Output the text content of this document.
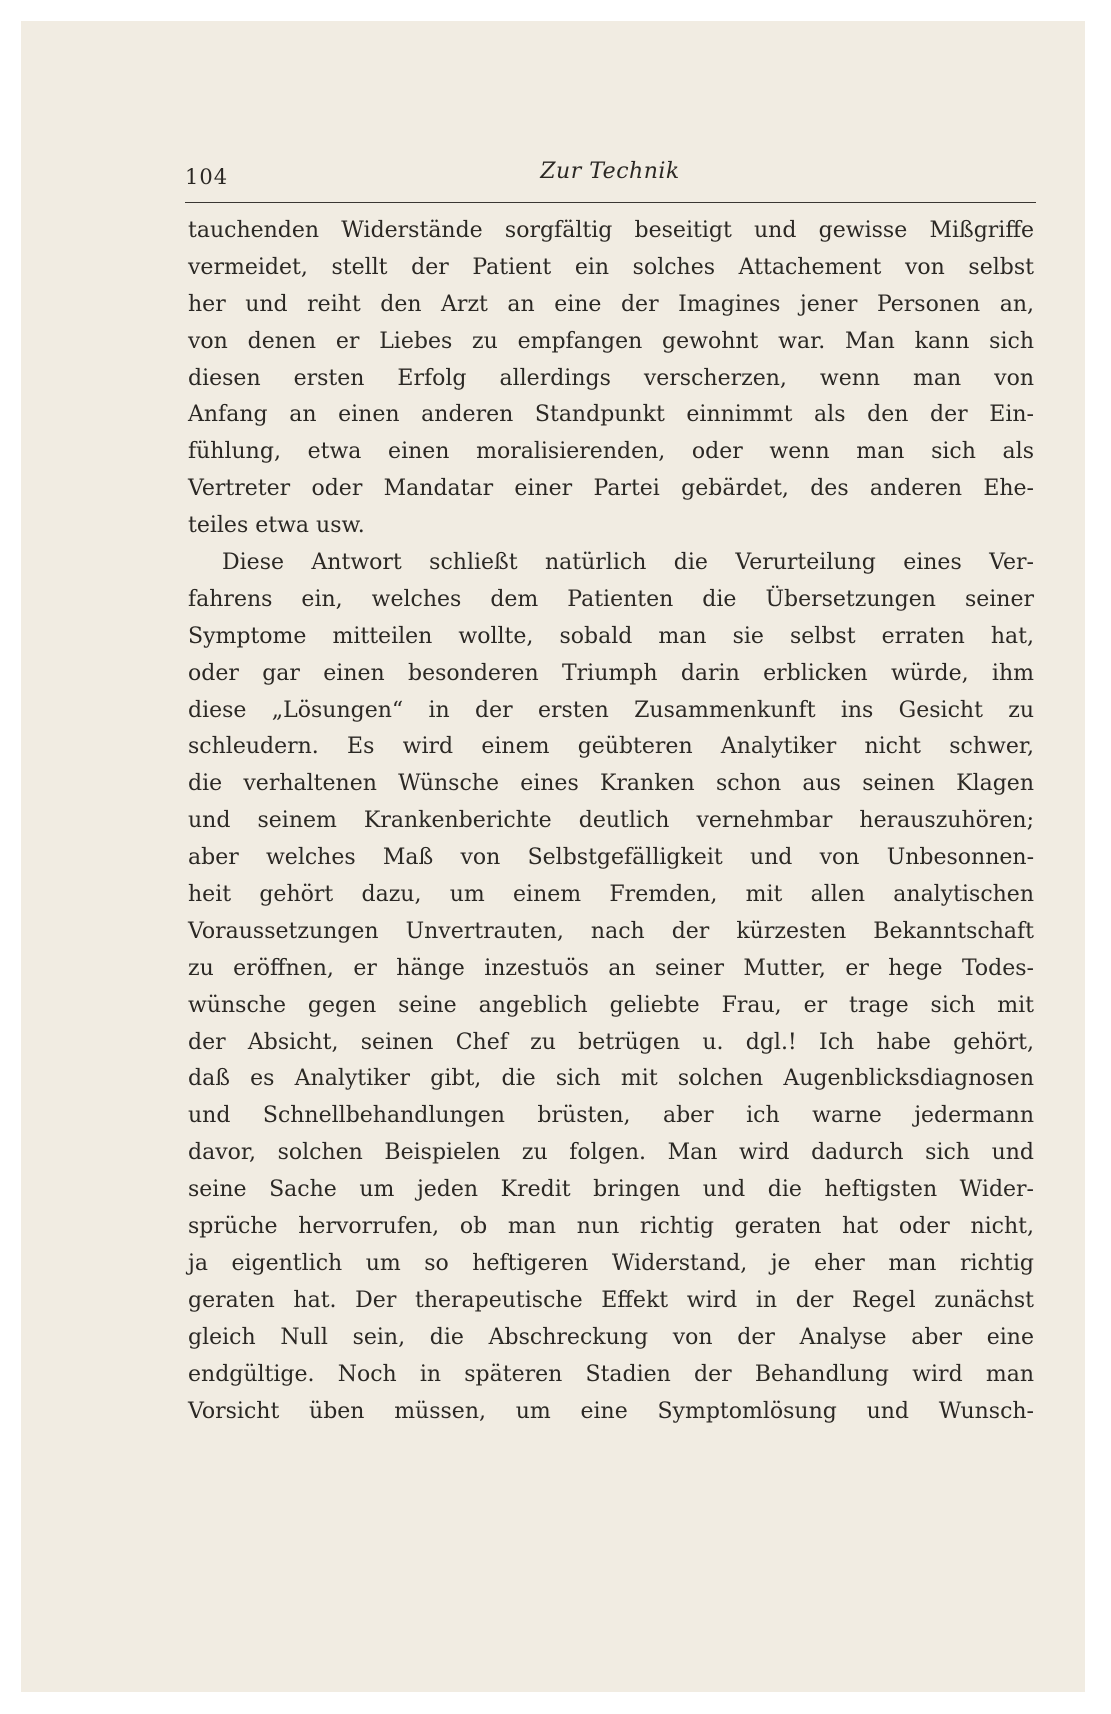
104	Zur Technik
tauchenden Widerstände sorgfältig beseitigt und gewisse Mißgriffe
vermeidet, stellt der Patient ein solches Attachement von selbst
her und reiht den Arzt an eine der Imagines jener Personen an,
von denen er Liebes zu empfangen gewohnt war. Man kann sich
diesen ersten Erfolg allerdings verscherzen, wenn man von
Anfang an einen anderen Standpunkt einnimmt als den der Ein-
fühlung, etwa einen moralisierenden, oder wenn man sich als
Vertreter oder Mandatar einer Partei gebärdet, des anderen Ehe-
teiles etwa usw.
Diese Antwort schließt natürlich die Verurteilung eines Ver-
fahrens ein, welches dem Patienten die Übersetzungen seiner
Symptome mitteilen wollte, sobald man sie selbst erraten hat,
oder gar einen besonderen Triumph darin erblicken würde, ihm
diese „Lösungen“ in der ersten Zusammenkunft ins Gesicht zu
schleudern. Es wird einem geübteren Analytiker nicht schwer,
die verhaltenen Wünsche eines Kranken schon aus seinen Klagen
und seinem Krankenberichte deutlich vernehmbar herauszuhören;
aber welches Maß von Selbstgefälligkeit und von Unbesonnen-
heit gehört dazu, um einem Fremden, mit allen analytischen
Voraussetzungen Unvertrauten, nach der kürzesten Bekanntschaft
zu eröffnen, er hänge inzestuös an seiner Mutter, er hege Todes-
wünsche gegen seine angeblich geliebte Frau, er trage sich mit
der Absicht, seinen Chef zu betrügen u. dgl.! Ich habe gehört,
daß es Analytiker gibt, die sich mit solchen Augenblicksdiagnosen
und Schnellbehandlungen brüsten, aber ich warne jedermann
davor, solchen Beispielen zu folgen. Man wird dadurch sich und
seine Sache um jeden Kredit bringen und die heftigsten Wider-
sprüche hervorrufen, ob man nun richtig geraten hat oder nicht,
ja eigentlich um so heftigeren Widerstand, je eher man richtig
geraten hat. Der therapeutische Effekt wird in der Regel zunächst
gleich Null sein, die Abschreckung von der Analyse aber eine
endgültige. Noch in späteren Stadien der Behandlung wird man
Vorsicht üben müssen, um eine Symptomlösung und Wunsch-
